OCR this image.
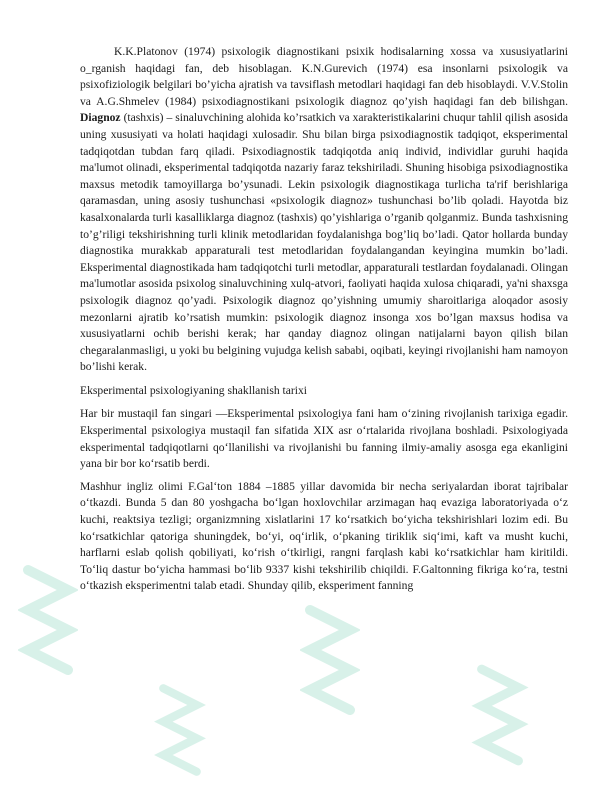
K.K.Platonov (1974) psixologik diagnostikani psixik hodisalarning xossa va xususiyatlarini o_rganish haqidagi fan, deb hisoblagan. K.N.Gurevich (1974) esa insonlarni psixologik va psixofiziologik belgilari bo’yicha ajratish va tavsiflash metodlari haqidagi fan deb hisoblaydi. V.V.Stolin va A.G.Shmelev (1984) psixodiagnostikani psixologik diagnoz qo’yish haqidagi fan deb bilishgan. Diagnoz (tashxis) – sinaluvchining alohida ko’rsatkich va xarakteristikalarini chuqur tahlil qilish asosida uning xususiyati va holati haqidagi xulosadir. Shu bilan birga psixodiagnostik tadqiqot, eksperimental tadqiqotdan tubdan farq qiladi. Psixodiagnostik tadqiqotda aniq individ, individlar guruhi haqida ma'lumot olinadi, eksperimental tadqiqotda nazariy faraz tekshiriladi. Shuning hisobiga psixodiagnostika maxsus metodik tamoyillarga bo’ysunadi. Lekin psixologik diagnostikaga turlicha ta'rif berishlariga qaramasdan, uning asosiy tushunchasi «psixologik diagnoz» tushunchasi bo’lib qoladi. Hayotda biz kasalxonalarda turli kasalliklarga diagnoz (tashxis) qo’yishlariga o’rganib qolganmiz. Bunda tashxisning to’g’riligi tekshirishning turli klinik metodlaridan foydalanishga bog’liq bo’ladi. Qator hollarda bunday diagnostika murakkab apparaturali test metodlaridan foydalangandan keyingina mumkin bo’ladi. Eksperimental diagnostikada ham tadqiqotchi turli metodlar, apparaturali testlardan foydalanadi. Olingan ma'lumotlar asosida psixolog sinaluvchining xulq-atvori, faoliyati haqida xulosa chiqaradi, ya'ni shaxsga psixologik diagnoz qo’yadi. Psixologik diagnoz qo’yishning umumiy sharoitlariga aloqador asosiy mezonlarni ajratib ko’rsatish mumkin: psixologik diagnoz insonga xos bo’lgan maxsus hodisa va xususiyatlarni ochib berishi kerak; har qanday diagnoz olingan natijalarni bayon qilish bilan chegaralanmasligi, u yoki bu belgining vujudga kelish sababi, oqibati, keyingi rivojlanishi ham namoyon bo’lishi kerak.

Eksperimental psixologiyaning shakllanish tarixi

Har bir mustaqil fan singari ―Eksperimental psixologiya fani ham o‘zining rivojlanish tarixiga egadir. Eksperimental psixologiya mustaqil fan sifatida XIX asr o‘rtalarida rivojlana boshladi. Psixologiyada eksperimental tadqiqotlarni qo‘llanilishi va rivojlanishi bu fanning ilmiy-amaliy asosga ega ekanligini yana bir bor ko‘rsatib berdi.

Mashhur ingliz olimi F.Gal‘ton 1884 –1885 yillar davomida bir necha seriyalardan iborat tajribalar o‘tkazdi. Bunda 5 dan 80 yoshgacha bo‘lgan hoxlovchilar arzimagan haq evaziga laboratoriyada o‘z kuchi, reaktsiya tezligi; organizmning xislatlarini 17 ko‘rsatkich bo‘yicha tekshirishlari lozim edi. Bu ko‘rsatkichlar qatoriga shuningdek, bo‘yi, oq‘irlik, o‘pkaning tiriklik siq‘imi, kaft va musht kuchi, harflarni eslab qolish qobiliyati, ko‘rish o‘tkirligi, rangni farqlash kabi ko‘rsatkichlar ham kiritildi. To‘liq dastur bo‘yicha hammasi bo‘lib 9337 kishi tekshirilib chiqildi. F.Galtonning fikriga ko‘ra, testni o‘tkazish eksperimentni talab etadi. Shunday qilib, eksperiment fanning
